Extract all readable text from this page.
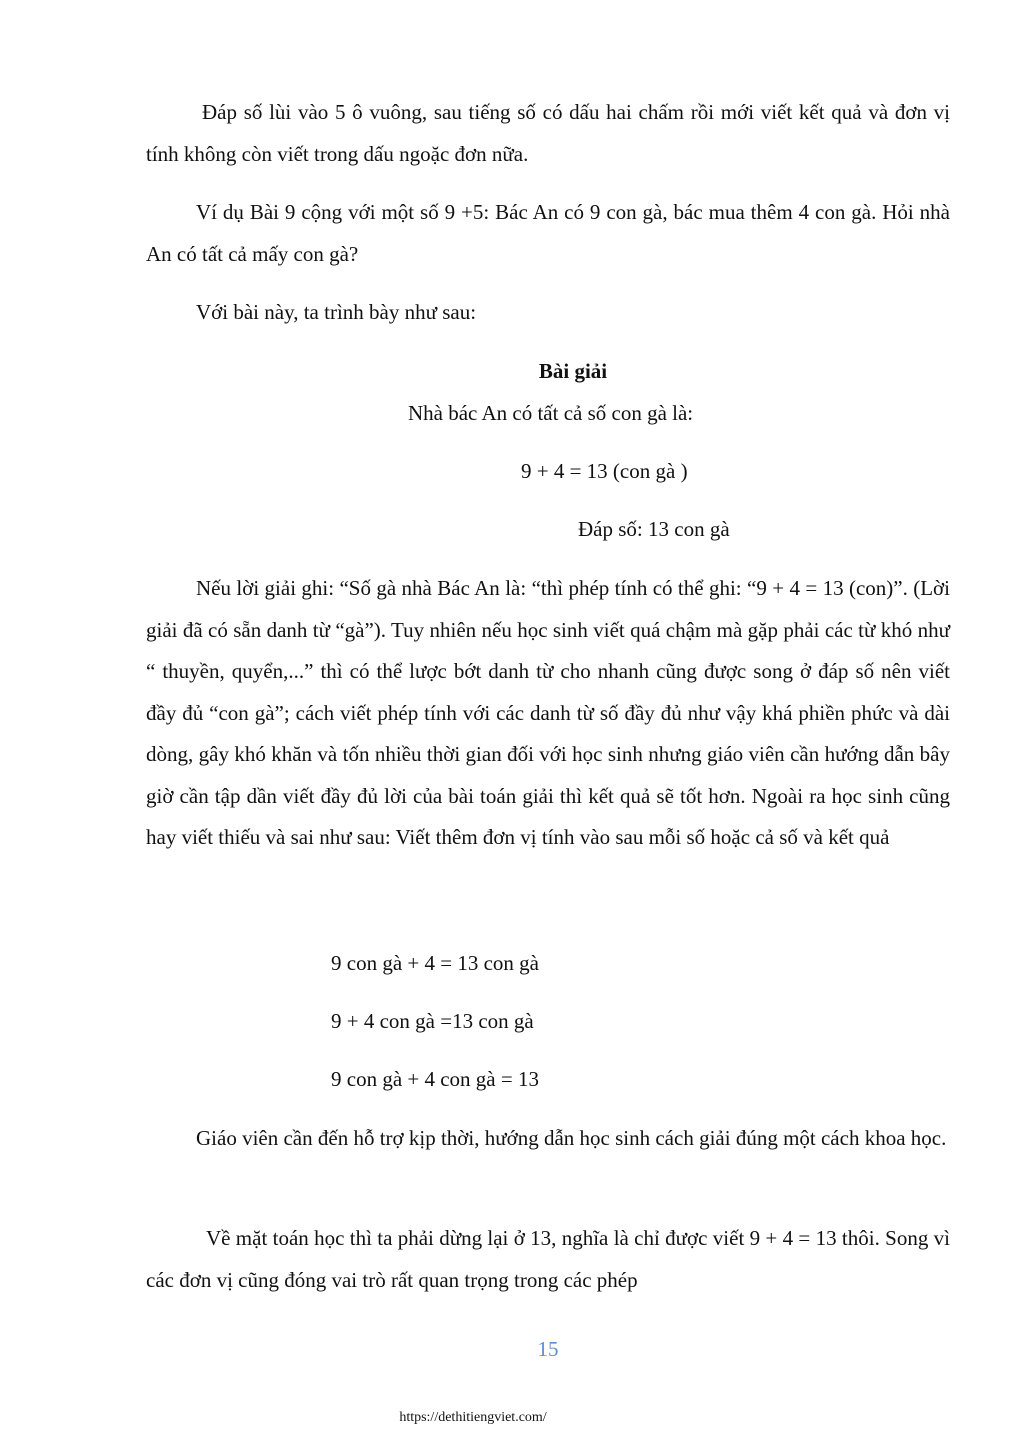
Đáp số lùi vào 5 ô vuông, sau tiếng số có dấu hai chấm rồi mới viết kết quả và đơn vị tính không còn viết trong dấu ngoặc đơn nữa.

Ví dụ Bài 9 cộng với một số 9 +5: Bác An có 9 con gà, bác mua thêm 4 con gà. Hỏi nhà An có tất cả mấy con gà?

Với bài này, ta trình bày như sau:

Bài giải

Nhà bác An có tất cả số con gà là:

9 + 4 = 13 (con gà )

Đáp số: 13 con gà

Nếu lời giải ghi: “Số gà nhà Bác An là: “thì phép tính có thể ghi: “9 + 4 = 13 (con)”. (Lời giải đã có sẵn danh từ “gà”). Tuy nhiên nếu học sinh viết quá chậm mà gặp phải các từ khó như “ thuyền, quyển,...” thì có thể lược bớt danh từ cho nhanh cũng được song ở đáp số nên viết đầy đủ “con gà”; cách viết phép tính với các danh từ số đầy đủ như vậy khá phiền phức và dài dòng, gây khó khăn và tốn nhiều thời gian đối với học sinh nhưng giáo viên cần hướng dẫn bây giờ cần tập dần viết đầy đủ lời của bài toán giải thì kết quả sẽ tốt hơn. Ngoài ra học sinh cũng hay viết thiếu và sai như sau: Viết thêm đơn vị tính vào sau mỗi số hoặc cả số và kết quả

9 con gà + 4 = 13 con gà

9 + 4 con gà =13 con gà

9 con gà + 4 con gà = 13

Giáo viên cần đến hỗ trợ kịp thời, hướng dẫn học sinh cách giải đúng một cách khoa học.

Về mặt toán học thì ta phải dừng lại ở 13, nghĩa là chỉ được viết 9 + 4 = 13 thôi. Song vì các đơn vị cũng đóng vai trò rất quan trọng trong các phép

15
https://dethitiengviet.com/
